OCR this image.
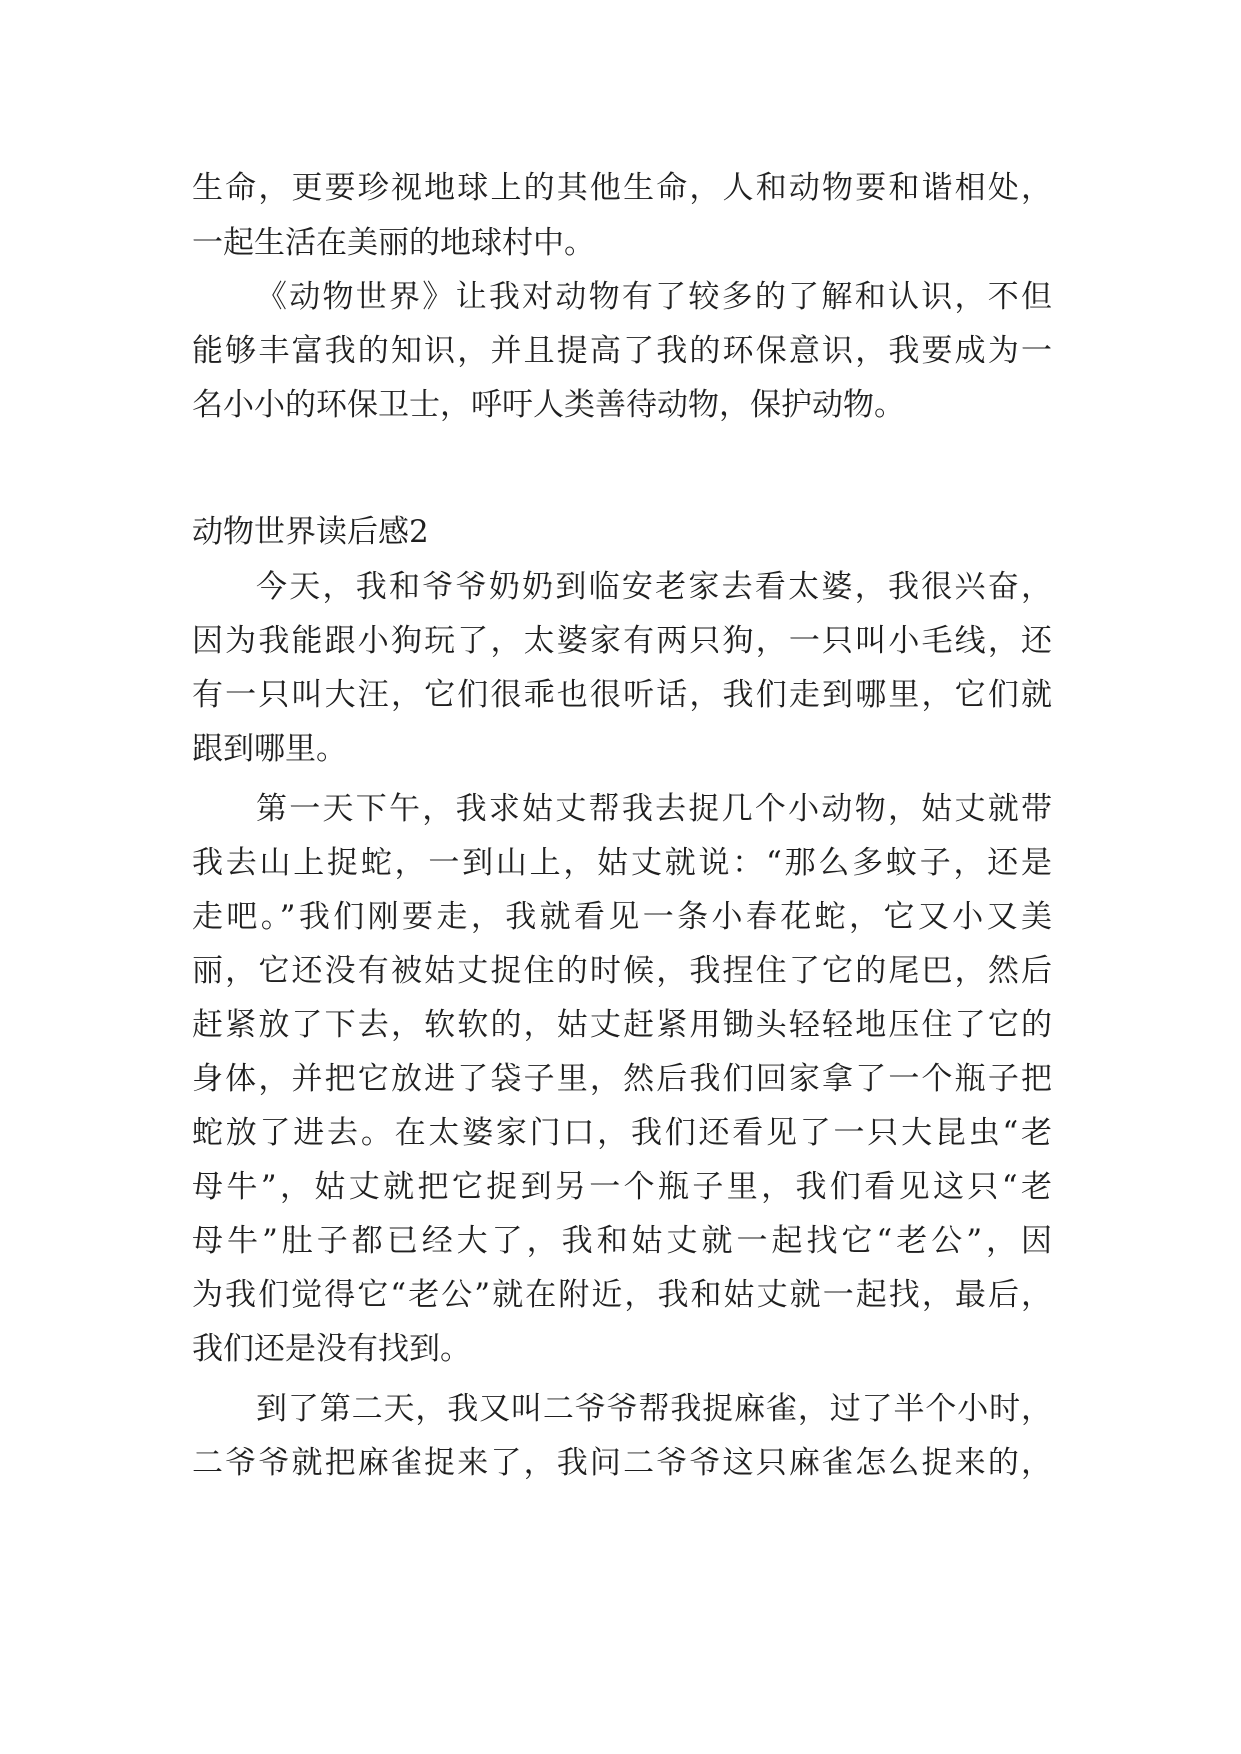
生命，更要珍视地球上的其他生命，人和动物要和谐相处，
一起生活在美丽的地球村中。
《动物世界》让我对动物有了较多的了解和认识，不但
能够丰富我的知识，并且提高了我的环保意识，我要成为一
名小小的环保卫士，呼吁人类善待动物，保护动物。
动物世界读后感2
今天，我和爷爷奶奶到临安老家去看太婆，我很兴奋，
因为我能跟小狗玩了，太婆家有两只狗，一只叫小毛线，还
有一只叫大汪，它们很乖也很听话，我们走到哪里，它们就
跟到哪里。
第一天下午，我求姑丈帮我去捉几个小动物，姑丈就带
我去山上捉蛇，一到山上，姑丈就说：“那么多蚊子，还是
走吧。”我们刚要走，我就看见一条小春花蛇，它又小又美
丽，它还没有被姑丈捉住的时候，我捏住了它的尾巴，然后
赶紧放了下去，软软的，姑丈赶紧用锄头轻轻地压住了它的
身体，并把它放进了袋子里，然后我们回家拿了一个瓶子把
蛇放了进去。在太婆家门口，我们还看见了一只大昆虫“老
母牛”，姑丈就把它捉到另一个瓶子里，我们看见这只“老
母牛”肚子都已经大了，我和姑丈就一起找它“老公”，因
为我们觉得它“老公”就在附近，我和姑丈就一起找，最后，
我们还是没有找到。
到了第二天，我又叫二爷爷帮我捉麻雀，过了半个小时，
二爷爷就把麻雀捉来了，我问二爷爷这只麻雀怎么捉来的，
